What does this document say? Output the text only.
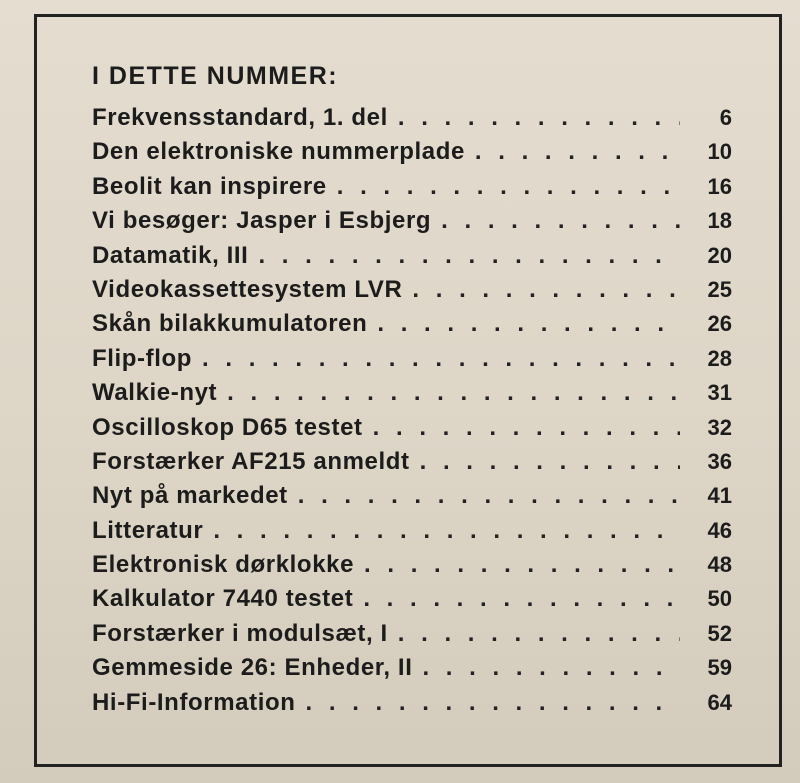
I DETTE NUMMER:
Frekvensstandard, 1. del . . .	6
Den elektroniske nummerplade . . .	10
Beolit kan inspirere . . .	16
Vi besøger: Jasper i Esbjerg . . .	18
Datamatik, III . . .	20
Videokassettesystem LVR . . .	25
Skån bilakkumulatoren . . .	26
Flip-flop . . .	28
Walkie-nyt . . .	31
Oscilloskop D65 testet . . .	32
Forstærker AF215 anmeldt . . .	36
Nyt på markedet . . .	41
Litteratur . . .	46
Elektronisk dørklokke . . .	48
Kalkulator 7440 testet . . .	50
Forstærker i modulsæt, I . . .	52
Gemmeside 26: Enheder, II . . .	59
Hi-Fi-Information . . .	64
